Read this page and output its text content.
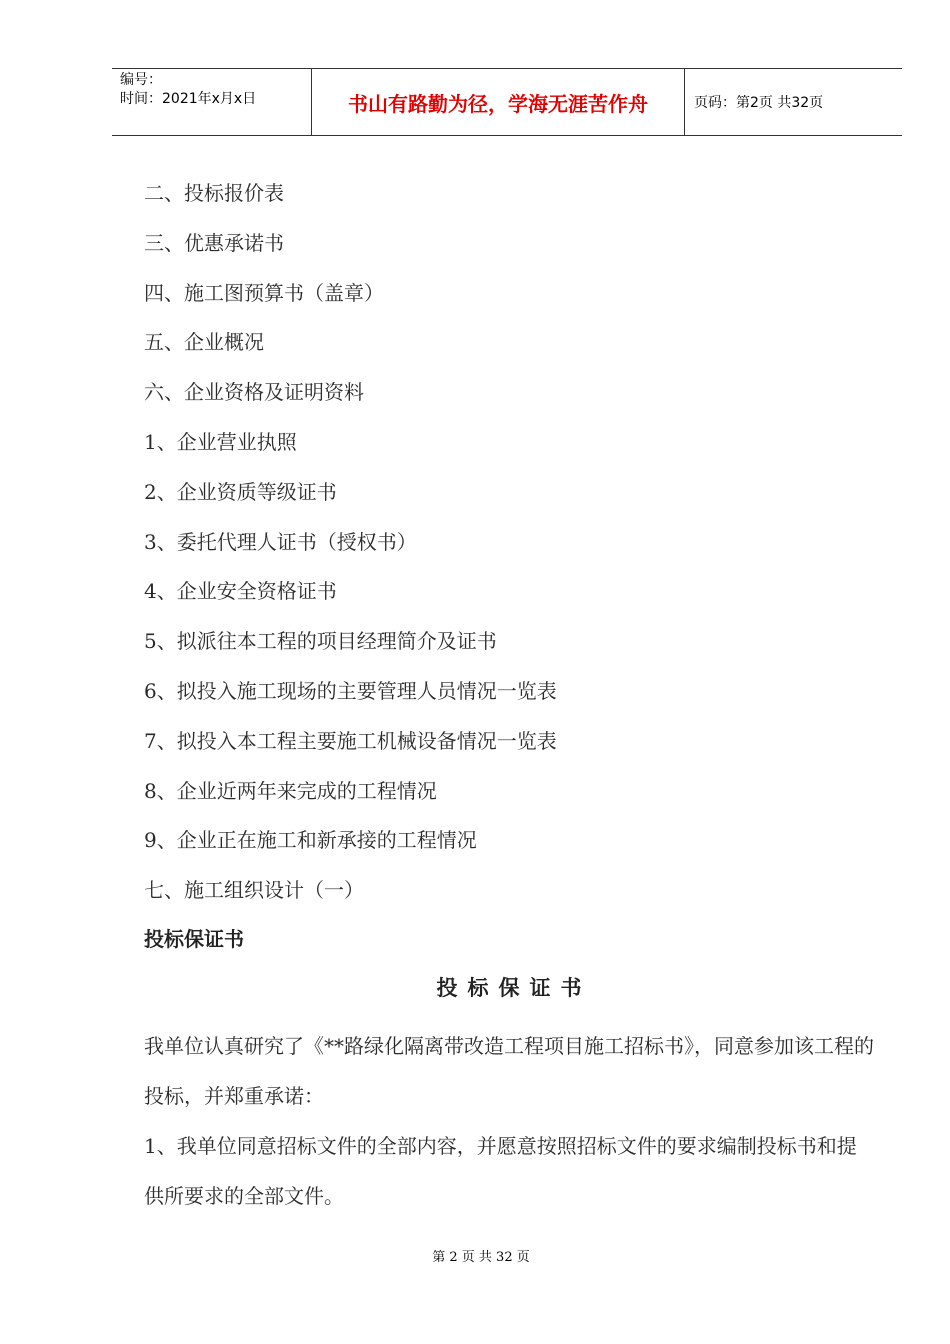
编号：
时间：2021年x月x日	书山有路勤为径，学海无涯苦作舟	页码：第2页 共32页
二、投标报价表
三、优惠承诺书
四、施工图预算书（盖章）
五、企业概况
六、企业资格及证明资料
1、企业营业执照
2、企业资质等级证书
3、委托代理人证书（授权书）
4、企业安全资格证书
5、拟派往本工程的项目经理简介及证书
6、拟投入施工现场的主要管理人员情况一览表
7、拟投入本工程主要施工机械设备情况一览表
8、企业近两年来完成的工程情况
9、企业正在施工和新承接的工程情况
七、施工组织设计（一）
投标保证书
投标保证书

我单位认真研究了《**路绿化隔离带改造工程项目施工招标书》，同意参加该工程的投标，并郑重承诺：

1、我单位同意招标文件的全部内容，并愿意按照招标文件的要求编制投标书和提供所要求的全部文件。

第 2 页 共 32 页
